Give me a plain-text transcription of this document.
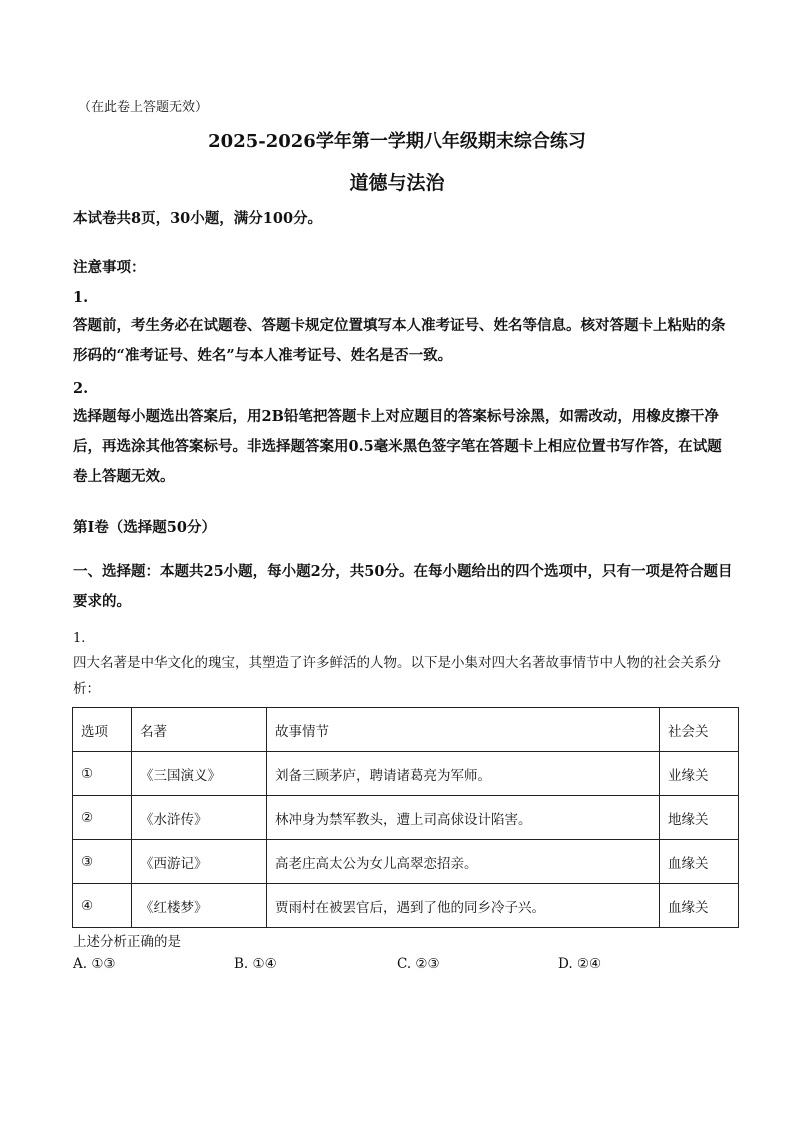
（在此卷上答题无效）
2025-2026学年第一学期八年级期末综合练习
道德与法治
本试卷共8页，30小题，满分100分。
注意事项：
1.
答题前，考生务必在试题卷、答题卡规定位置填写本人准考证号、姓名等信息。核对答题卡上粘贴的条形码的“准考证号、姓名”与本人准考证号、姓名是否一致。
2.
选择题每小题选出答案后，用2B铅笔把答题卡上对应题目的答案标号涂黑，如需改动，用橡皮擦干净后，再选涂其他答案标号。非选择题答案用0.5毫米黑色签字笔在答题卡上相应位置书写作答，在试题卷上答题无效。
第Ⅰ卷（选择题50分）
一、选择题：本题共25小题，每小题2分，共50分。在每小题给出的四个选项中，只有一项是符合题目要求的。
1.
四大名著是中华文化的瑰宝，其塑造了许多鲜活的人物。以下是小集对四大名著故事情节中人物的社会关系分析：
选项	名著	故事情节	社会关
①	《三国演义》	刘备三顾茅庐，聘请诸葛亮为军师。	业缘关
②	《水浒传》	林冲身为禁军教头，遭上司高俅设计陷害。	地缘关
③	《西游记》	高老庄高太公为女儿高翠恋招亲。	血缘关
④	《红楼梦》	贾雨村在被罢官后，遇到了他的同乡冷子兴。	血缘关
上述分析正确的是
A. ①③	B. ①④	C. ②③	D. ②④
